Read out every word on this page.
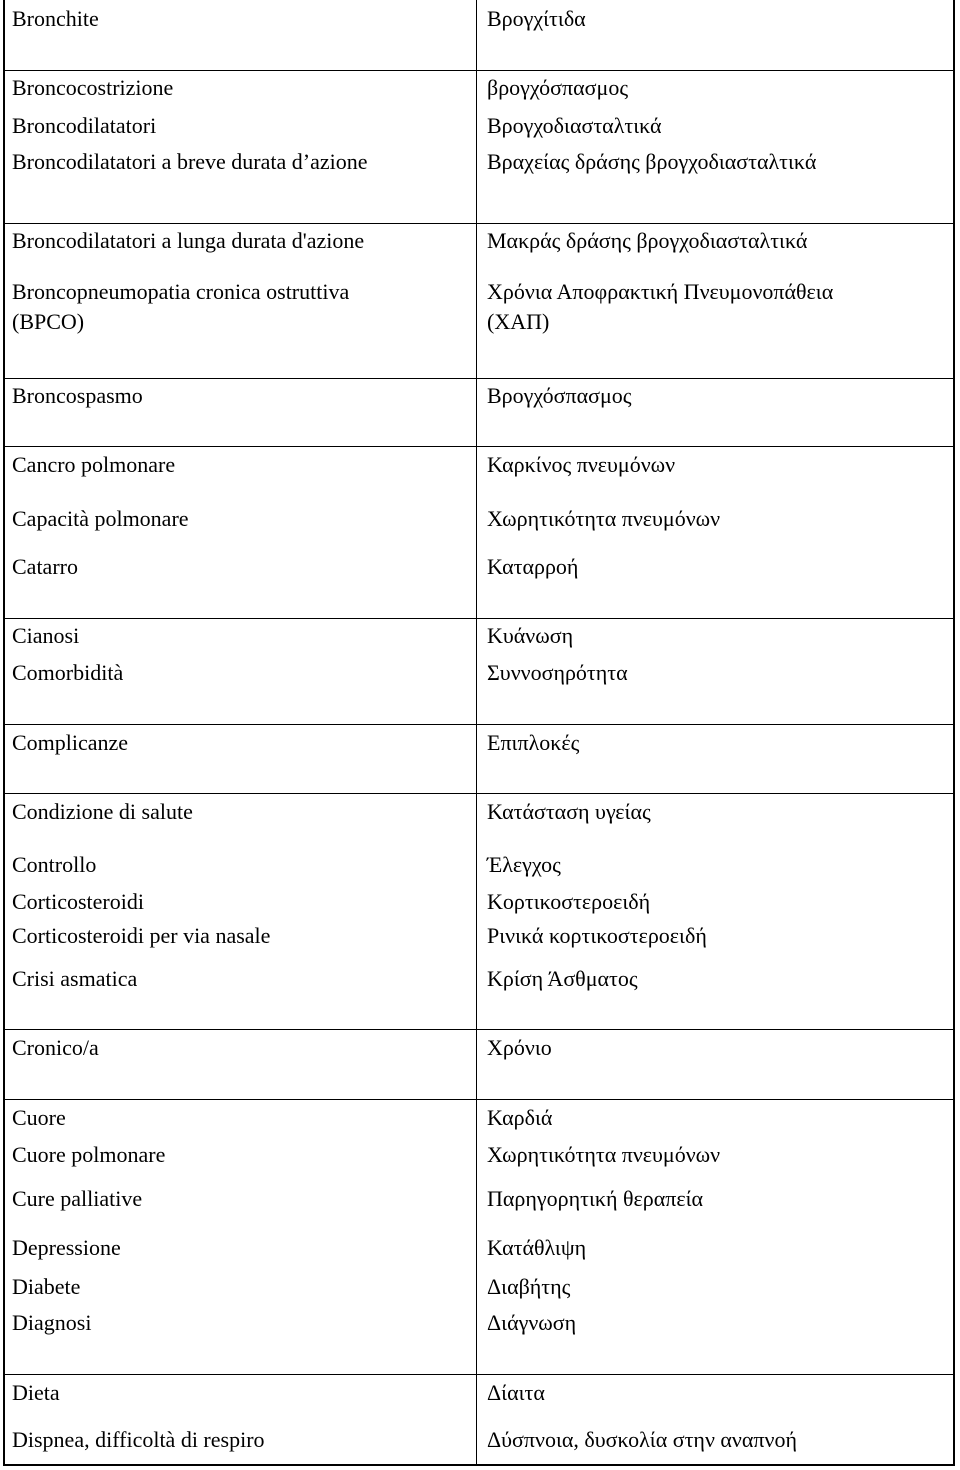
Bronchite	Βρογχίτιδα
Broncocostrizione	βρογχόσπασμος
Broncodilatatori	Βρογχοδιασταλτικά
Broncodilatatori a breve durata d’azione	Βραχείας δράσης βρογχοδιασταλτικά
Broncodilatatori a lunga durata d'azione	Μακράς δράσης βρογχοδιασταλτικά
Broncopneumopatia cronica ostruttiva	Χρόνια Αποφρακτική Πνευμονοπάθεια
(BPCO)	(ΧΑΠ)
Broncospasmo	Βρογχόσπασμος
Cancro polmonare	Καρκίνος πνευμόνων
Capacità polmonare	Χωρητικότητα πνευμόνων
Catarro	Καταρροή
Cianosi	Κυάνωση
Comorbidità	Συννοσηρότητα
Complicanze	Επιπλοκές
Condizione di salute	Κατάσταση υγείας
Controllo	Έλεγχος
Corticosteroidi	Κορτικοστεροειδή
Corticosteroidi per via nasale	Ρινικά κορτικοστεροειδή
Crisi asmatica	Κρίση Άσθματος
Cronico/a	Χρόνιο
Cuore	Καρδιά
Cuore polmonare	Χωρητικότητα πνευμόνων
Cure palliative	Παρηγορητική θεραπεία
Depressione	Κατάθλιψη
Diabete	Διαβήτης
Diagnosi	Διάγνωση
Dieta	Δίαιτα
Dispnea, difficoltà di respiro	Δύσπνοια, δυσκολία στην αναπνοή
